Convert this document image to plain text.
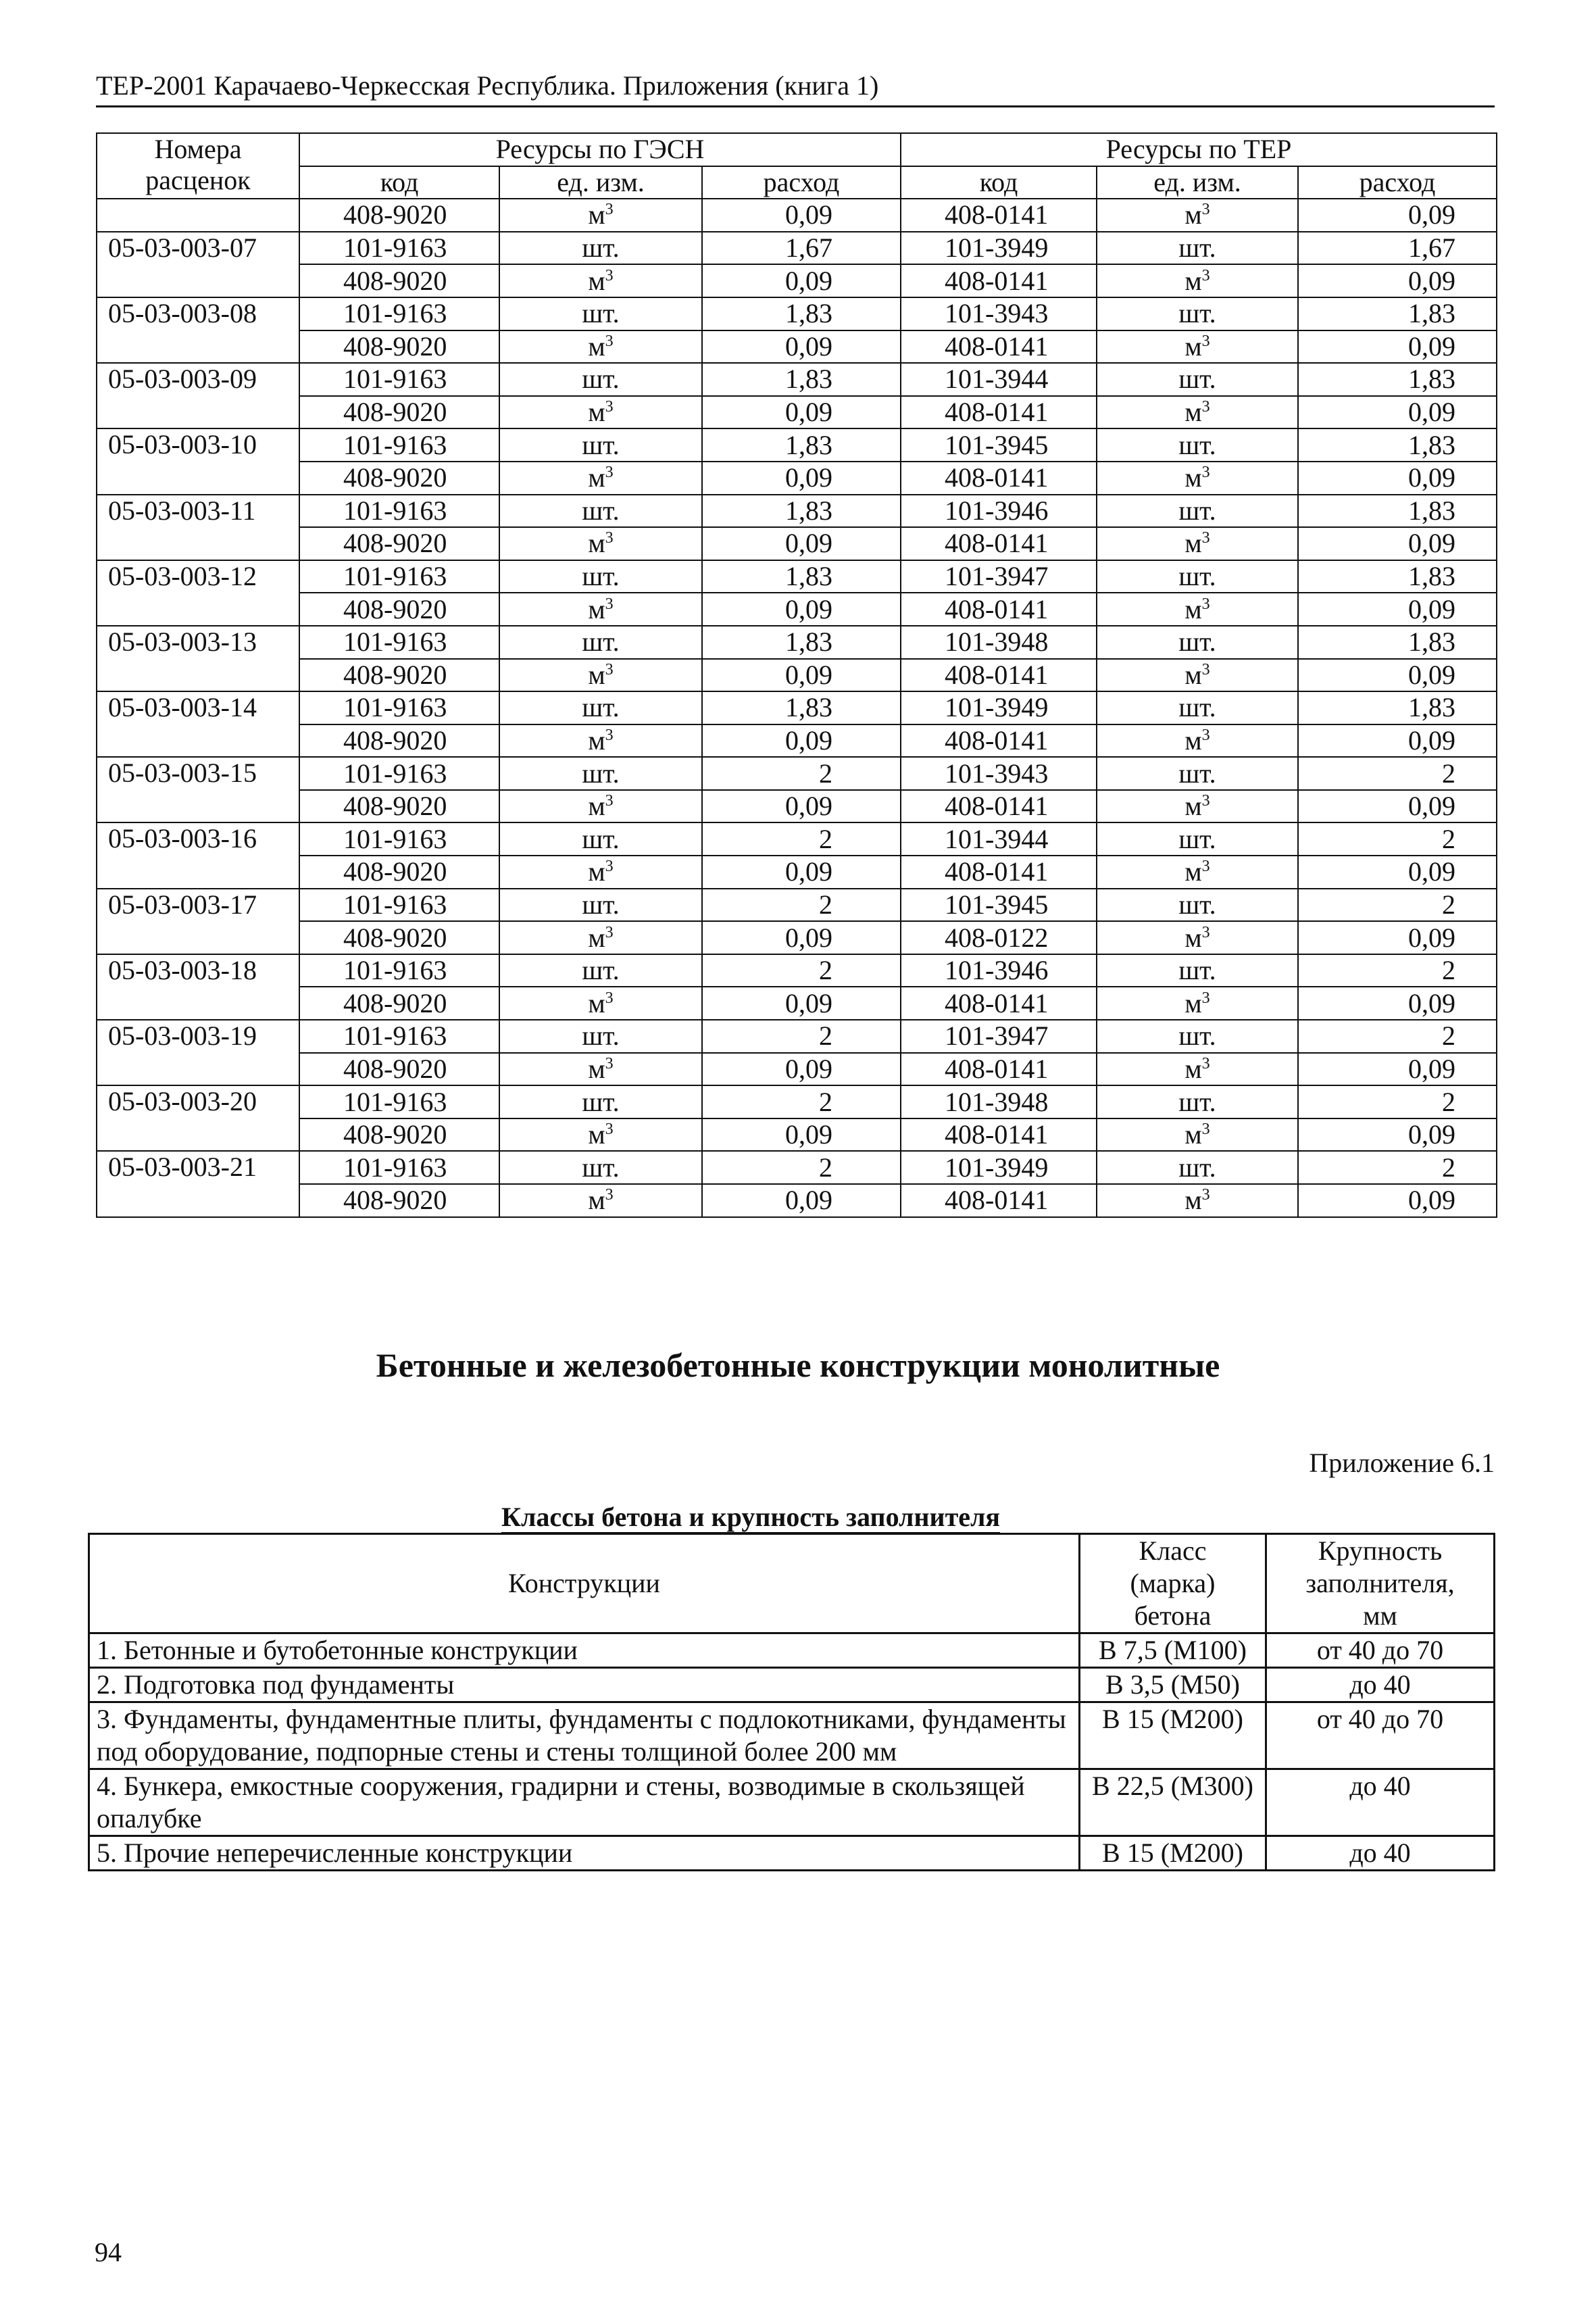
ТЕР-2001 Карачаево-Черкесская Республика. Приложения (книга 1)
Номера расценок	Ресурсы по ГЭСН			Ресурсы по ТЕР		
	код	ед. изм.	расход	код	ед. изм.	расход
	408-9020	$м^3$	0,09	408-0141	$м^3$	0,09
05-03-003-07	101-9163	шт.	1,67	101-3949	шт.	1,67
	408-9020	$м^3$	0,09	408-0141	$м^3$	0,09
05-03-003-08	101-9163	шт.	1,83	101-3943	шт.	1,83
	408-9020	$м^3$	0,09	408-0141	$м^3$	0,09
05-03-003-09	101-9163	шт.	1,83	101-3944	шт.	1,83
	408-9020	$м^3$	0,09	408-0141	$м^3$	0,09
05-03-003-10	101-9163	шт.	1,83	101-3945	шт.	1,83
	408-9020	$м^3$	0,09	408-0141	$м^3$	0,09
05-03-003-11	101-9163	шт.	1,83	101-3946	шт.	1,83
	408-9020	$м^3$	0,09	408-0141	$м^3$	0,09
05-03-003-12	101-9163	шт.	1,83	101-3947	шт.	1,83
	408-9020	$м^3$	0,09	408-0141	$м^3$	0,09
05-03-003-13	101-9163	шт.	1,83	101-3948	шт.	1,83
	408-9020	$м^3$	0,09	408-0141	$м^3$	0,09
05-03-003-14	101-9163	шт.	1,83	101-3949	шт.	1,83
	408-9020	$м^3$	0,09	408-0141	$м^3$	0,09
05-03-003-15	101-9163	шт.	2	101-3943	шт.	2
	408-9020	$м^3$	0,09	408-0141	$м^3$	0,09
05-03-003-16	101-9163	шт.	2	101-3944	шт.	2
	408-9020	$м^3$	0,09	408-0141	$м^3$	0,09
05-03-003-17	101-9163	шт.	2	101-3945	шт.	2
	408-9020	$м^3$	0,09	408-0122	$м^3$	0,09
05-03-003-18	101-9163	шт.	2	101-3946	шт.	2
	408-9020	$м^3$	0,09	408-0141	$м^3$	0,09
05-03-003-19	101-9163	шт.	2	101-3947	шт.	2
	408-9020	$м^3$	0,09	408-0141	$м^3$	0,09
05-03-003-20	101-9163	шт.	2	101-3948	шт.	2
	408-9020	$м^3$	0,09	408-0141	$м^3$	0,09
05-03-003-21	101-9163	шт.	2	101-3949	шт.	2
	408-9020	$м^3$	0,09	408-0141	$м^3$	0,09
Бетонные и железобетонные конструкции монолитные
Приложение 6.1
Классы бетона и крупность заполнителя
Конструкции	Класс (марка) бетона	Крупность заполнителя, мм
1. Бетонные и бутобетонные конструкции	В 7,5 (М100)	от 40 до 70
2. Подготовка под фундаменты	В 3,5 (М50)	до 40
3. Фундаменты, фундаментные плиты, фундаменты с подлокотниками, фундаменты под оборудование, подпорные стены и стены толщиной более 200 мм	В 15 (М200)	от 40 до 70
4. Бункера, емкостные сооружения, градирни и стены, возводимые в скользящей опалубке	В 22,5 (М300)	до 40
5. Прочие неперечисленные конструкции	В 15 (М200)	до 40
94
